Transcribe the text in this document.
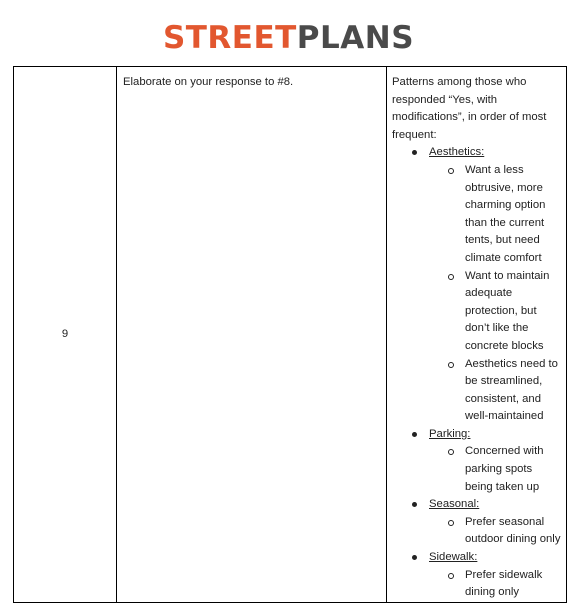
STREETPLANS
9	Elaborate on your response to #8.	Patterns among those who responded “Yes, with modifications”, in order of most frequent:
Aesthetics:
Want a less obtrusive, more charming option than the current tents, but need climate comfort
Want to maintain adequate protection, but don’t like the concrete blocks
Aesthetics need to be streamlined, consistent, and well-maintained
Parking:
Concerned with parking spots being taken up
Seasonal:
Prefer seasonal outdoor dining only
Sidewalk:
Prefer sidewalk dining only
